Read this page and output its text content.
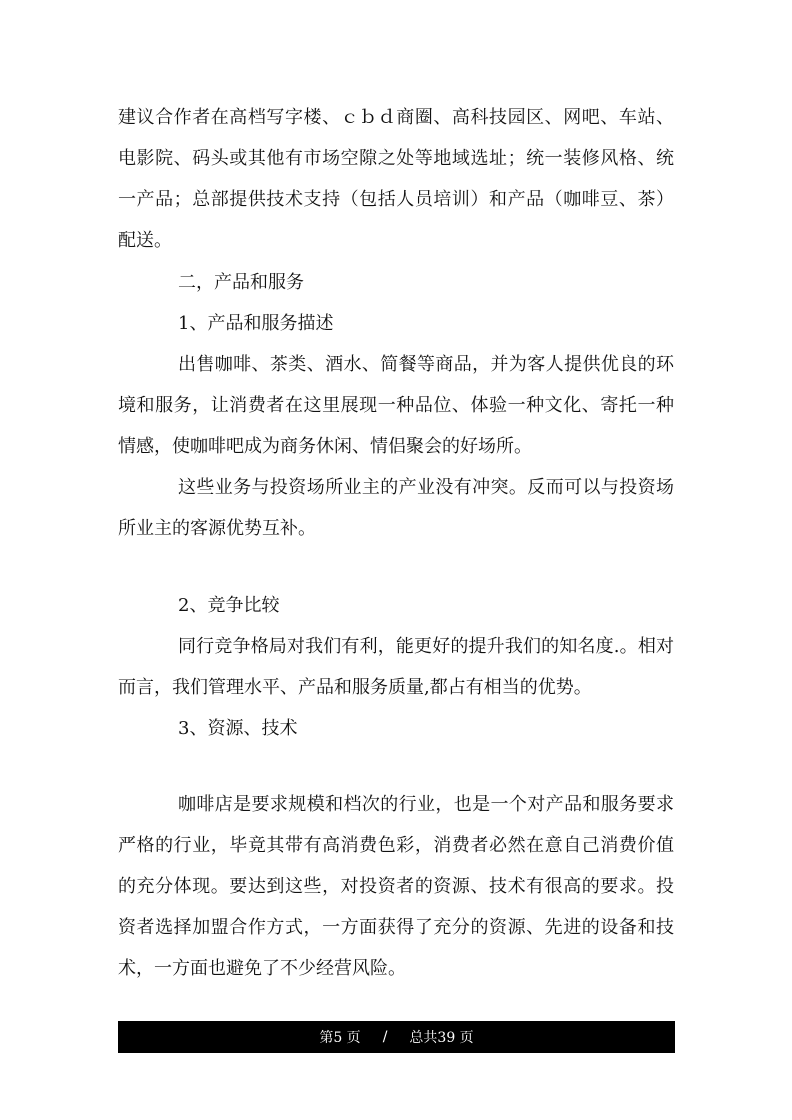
建议合作者在高档写字楼、ｃｂｄ商圈、高科技园区、网吧、车站、电影院、码头或其他有市场空隙之处等地域选址；统一装修风格、统一产品；总部提供技术支持（包括人员培训）和产品（咖啡豆、茶）配送。

二，产品和服务

1、产品和服务描述

出售咖啡、茶类、酒水、简餐等商品，并为客人提供优良的环境和服务，让消费者在这里展现一种品位、体验一种文化、寄托一种情感，使咖啡吧成为商务休闲、情侣聚会的好场所。

这些业务与投资场所业主的产业没有冲突。反而可以与投资场所业主的客源优势互补。

2、竞争比较

同行竞争格局对我们有利，能更好的提升我们的知名度.。相对而言，我们管理水平、产品和服务质量,都占有相当的优势。

3、资源、技术

咖啡店是要求规模和档次的行业，也是一个对产品和服务要求严格的行业，毕竟其带有高消费色彩，消费者必然在意自己消费价值的充分体现。要达到这些，对投资者的资源、技术有很高的要求。投资者选择加盟合作方式，一方面获得了充分的资源、先进的设备和技术，一方面也避免了不少经营风险。

第5 页 / 总共39 页
